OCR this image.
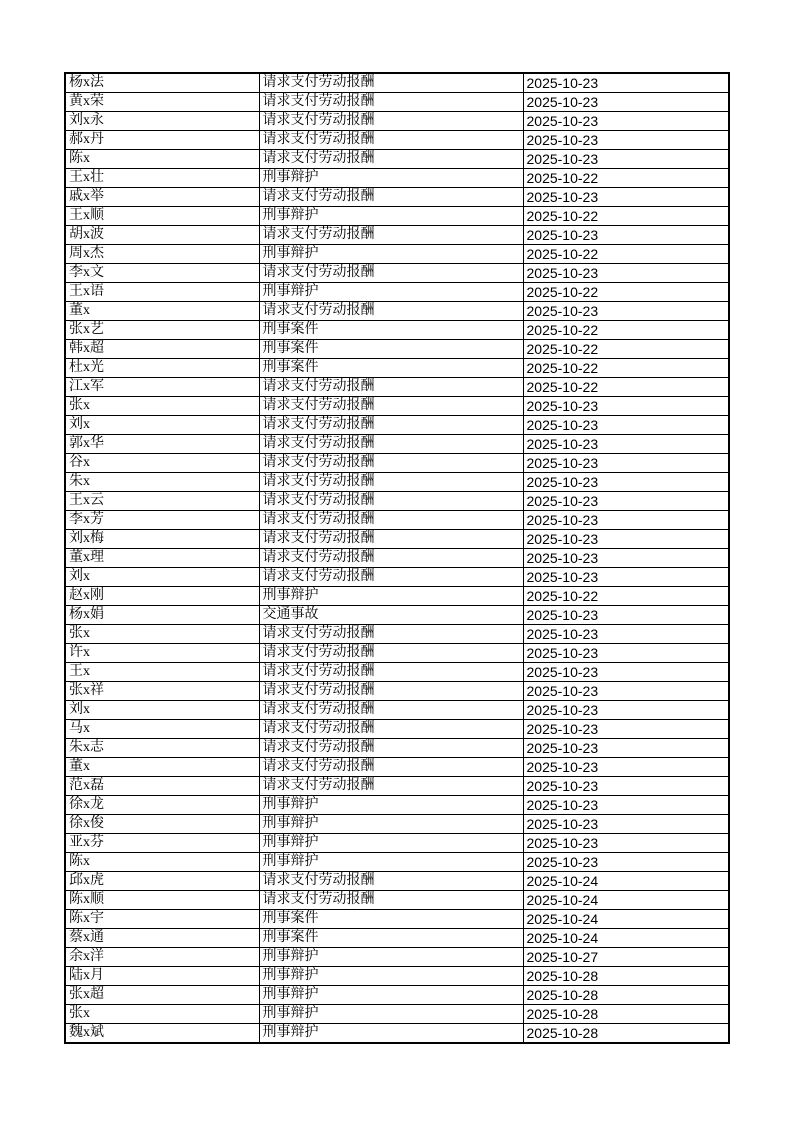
杨x法	请求支付劳动报酬	2025-10-23
黄x荣	请求支付劳动报酬	2025-10-23
刘x永	请求支付劳动报酬	2025-10-23
郝x丹	请求支付劳动报酬	2025-10-23
陈x	请求支付劳动报酬	2025-10-23
王x壮	刑事辩护	2025-10-22
戚x举	请求支付劳动报酬	2025-10-23
王x顺	刑事辩护	2025-10-22
胡x波	请求支付劳动报酬	2025-10-23
周x杰	刑事辩护	2025-10-22
李x文	请求支付劳动报酬	2025-10-23
王x语	刑事辩护	2025-10-22
董x	请求支付劳动报酬	2025-10-23
张x艺	刑事案件	2025-10-22
韩x超	刑事案件	2025-10-22
杜x光	刑事案件	2025-10-22
江x军	请求支付劳动报酬	2025-10-22
张x	请求支付劳动报酬	2025-10-23
刘x	请求支付劳动报酬	2025-10-23
郭x华	请求支付劳动报酬	2025-10-23
谷x	请求支付劳动报酬	2025-10-23
朱x	请求支付劳动报酬	2025-10-23
王x云	请求支付劳动报酬	2025-10-23
李x芳	请求支付劳动报酬	2025-10-23
刘x梅	请求支付劳动报酬	2025-10-23
董x理	请求支付劳动报酬	2025-10-23
刘x	请求支付劳动报酬	2025-10-23
赵x刚	刑事辩护	2025-10-22
杨x娟	交通事故	2025-10-23
张x	请求支付劳动报酬	2025-10-23
许x	请求支付劳动报酬	2025-10-23
王x	请求支付劳动报酬	2025-10-23
张x祥	请求支付劳动报酬	2025-10-23
刘x	请求支付劳动报酬	2025-10-23
马x	请求支付劳动报酬	2025-10-23
朱x志	请求支付劳动报酬	2025-10-23
董x	请求支付劳动报酬	2025-10-23
范x磊	请求支付劳动报酬	2025-10-23
徐x龙	刑事辩护	2025-10-23
徐x俊	刑事辩护	2025-10-23
亚x芬	刑事辩护	2025-10-23
陈x	刑事辩护	2025-10-23
邱x虎	请求支付劳动报酬	2025-10-24
陈x顺	请求支付劳动报酬	2025-10-24
陈x宇	刑事案件	2025-10-24
蔡x通	刑事案件	2025-10-24
余x洋	刑事辩护	2025-10-27
陆x月	刑事辩护	2025-10-28
张x超	刑事辩护	2025-10-28
张x	刑事辩护	2025-10-28
魏x斌	刑事辩护	2025-10-28
